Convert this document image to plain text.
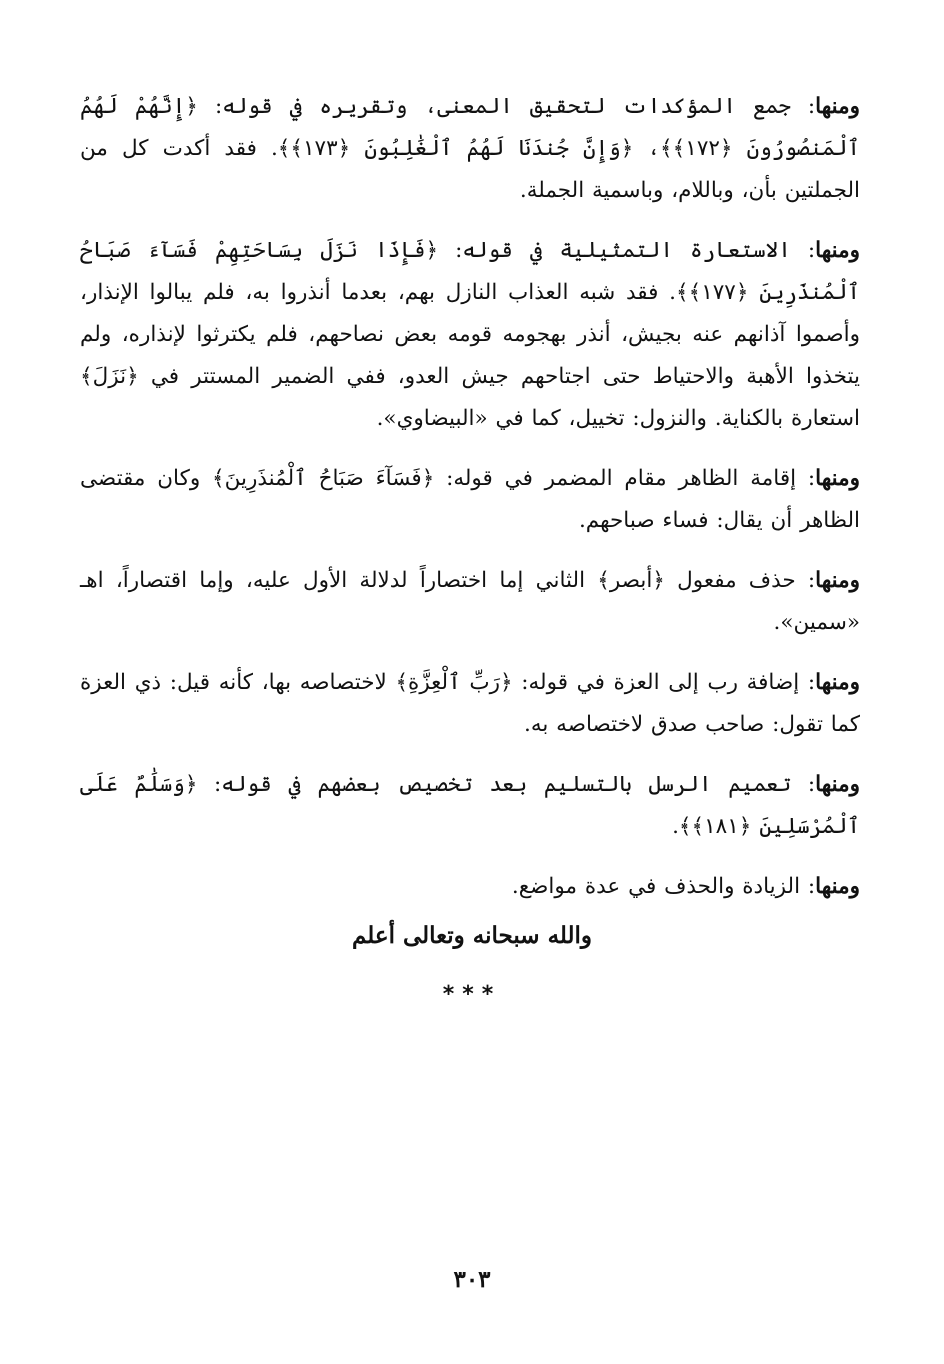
ومنها: جمع المؤكدات لتحقيق المعنى، وتقريره في قوله: ﴿إِنَّهُمْ لَهُمُ ٱلْمَنصُورُونَ ﴿١٧٢﴾﴾، ﴿وَإِنَّ جُندَنَا لَهُمُ ٱلْغَٰلِبُونَ ﴿١٧٣﴾﴾. فقد أكدت كل من الجملتين بأن، وباللام، وباسمية الجملة.

ومنها: الاستعارة التمثيلية في قوله: ﴿فَإِذَا نَزَلَ بِسَاحَتِهِمْ فَسَآءَ صَبَاحُ ٱلْمُنذَرِينَ ﴿١٧٧﴾﴾. فقد شبه العذاب النازل بهم، بعدما أنذروا به، فلم يبالوا الإنذار، وأصموا آذانهم عنه بجيش، أنذر بهجومه قومه بعض نصاحهم، فلم يكترثوا لإنذاره، ولم يتخذوا الأهبة والاحتياط حتى اجتاحهم جيش العدو، ففي الضمير المستتر في ﴿نَزَلَ﴾ استعارة بالكناية. والنزول: تخييل، كما في «البيضاوي».

ومنها: إقامة الظاهر مقام المضمر في قوله: ﴿فَسَآءَ صَبَاحُ ٱلْمُنذَرِينَ﴾ وكان مقتضى الظاهر أن يقال: فساء صباحهم.

ومنها: حذف مفعول ﴿أبصر﴾ الثاني إما اختصاراً لدلالة الأول عليه، وإما اقتصاراً، اهـ «سمين».

ومنها: إضافة رب إلى العزة في قوله: ﴿رَبِّ ٱلْعِزَّةِ﴾ لاختصاصه بها، كأنه قيل: ذي العزة كما تقول: صاحب صدق لاختصاصه به.

ومنها: تعميم الرسل بالتسليم بعد تخصيص بعضهم في قوله: ﴿وَسَلَٰمٌ عَلَى ٱلْمُرْسَلِينَ ﴿١٨١﴾﴾.

ومنها: الزيادة والحذف في عدة مواضع.

والله سبحانه وتعالى أعلم
***
٣٠٣
